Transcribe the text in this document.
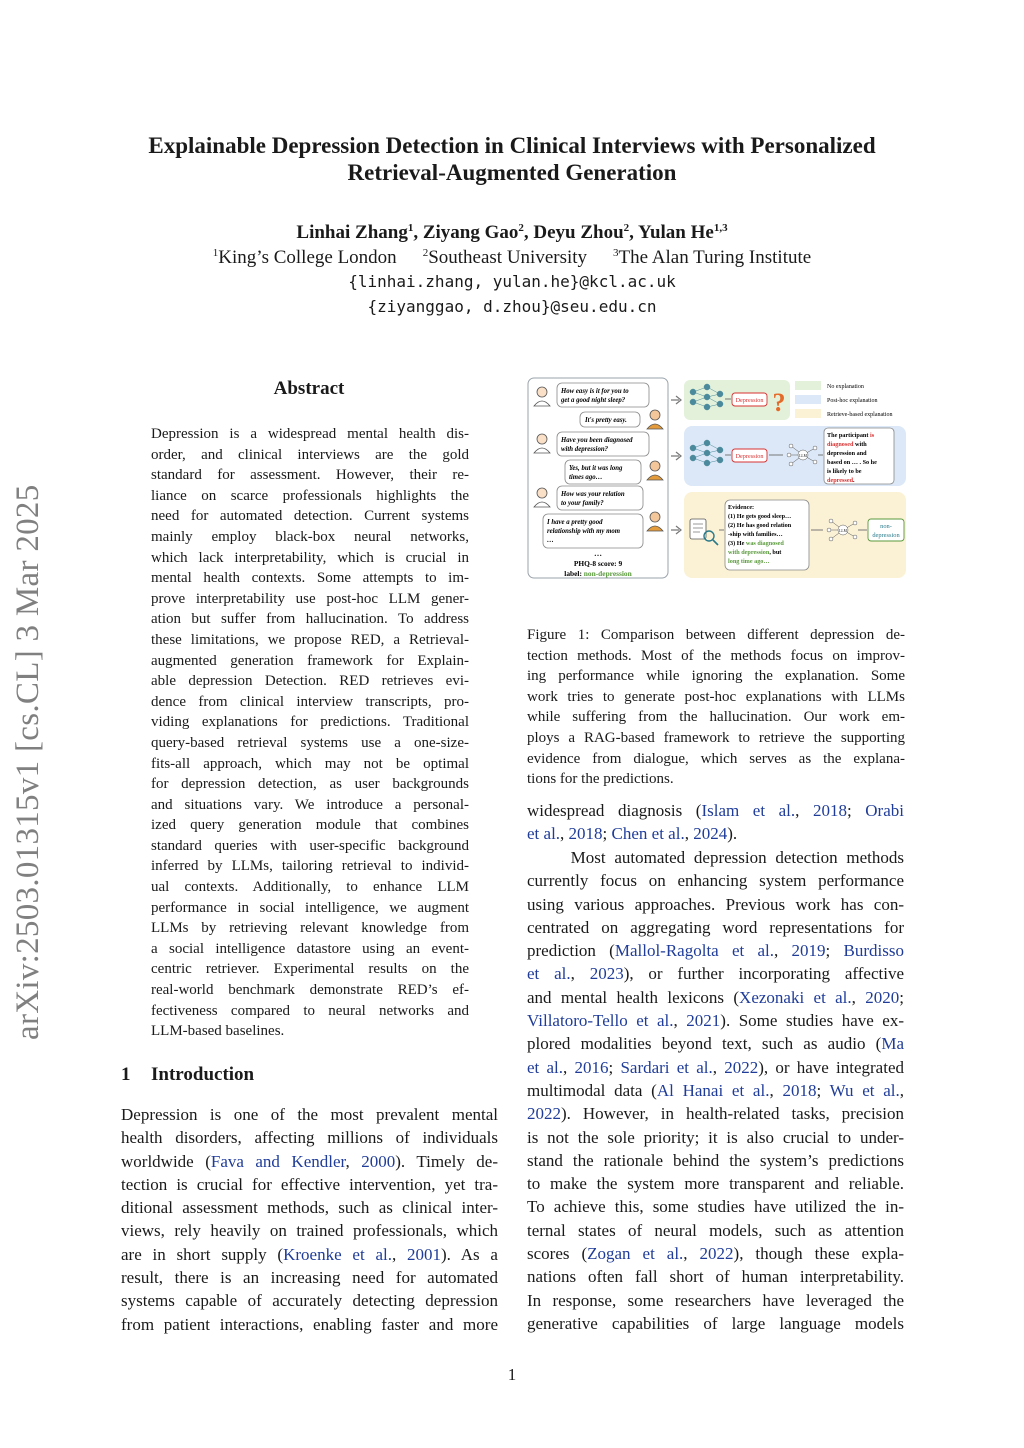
Explainable Depression Detection in Clinical Interviews with Personalized
Retrieval-Augmented Generation
Linhai Zhang$^1$, Ziyang Gao$^2$, Deyu Zhou$^2$, Yulan He$^{1,3}$
$^1$King’s College London $^2$Southeast University $^3$The Alan Turing Institute
{linhai.zhang, yulan.he}@kcl.ac.uk
{ziyanggao, d.zhou}@seu.edu.cn
arXiv:2503.01315v1 [cs.CL] 3 Mar 2025
Abstract
Depression is a widespread mental health dis-
order, and clinical interviews are the gold
standard for assessment. However, their re-
liance on scarce professionals highlights the
need for automated detection. Current systems
mainly employ black-box neural networks,
which lack interpretability, which is crucial in
mental health contexts. Some attempts to im-
prove interpretability use post-hoc LLM gener-
ation but suffer from hallucination. To address
these limitations, we propose RED, a Retrieval-
augmented generation framework for Explain-
able depression Detection. RED retrieves evi-
dence from clinical interview transcripts, pro-
viding explanations for predictions. Traditional
query-based retrieval systems use a one-size-
fits-all approach, which may not be optimal
for depression detection, as user backgrounds
and situations vary. We introduce a personal-
ized query generation module that combines
standard queries with user-specific background
inferred by LLMs, tailoring retrieval to individ-
ual contexts. Additionally, to enhance LLM
performance in social intelligence, we augment
LLMs by retrieving relevant knowledge from
a social intelligence datastore using an event-
centric retriever. Experimental results on the
real-world benchmark demonstrate RED’s ef-
fectiveness compared to neural networks and
LLM-based baselines.
1 Introduction
Depression is one of the most prevalent mental
health disorders, affecting millions of individuals
worldwide (Fava and Kendler, 2000). Timely de-
tection is crucial for effective intervention, yet tra-
ditional assessment methods, such as clinical inter-
views, rely heavily on trained professionals, which
are in short supply (Kroenke et al., 2001). As a
result, there is an increasing need for automated
systems capable of accurately detecting depression
from patient interactions, enabling faster and more
widespread diagnosis (Islam et al., 2018; Orabi
et al., 2018; Chen et al., 2024).
Most automated depression detection methods
currently focus on enhancing system performance
using various approaches. Previous work has con-
centrated on aggregating word representations for
prediction (Mallol-Ragolta et al., 2019; Burdisso
et al., 2023), or further incorporating affective
and mental health lexicons (Xezonaki et al., 2020;
Villatoro-Tello et al., 2021). Some studies have ex-
plored modalities beyond text, such as audio (Ma
et al., 2016; Sardari et al., 2022), or have integrated
multimodal data (Al Hanai et al., 2018; Wu et al.,
2022). However, in health-related tasks, precision
is not the sole priority; it is also crucial to under-
stand the rationale behind the system’s predictions
to make the system more transparent and reliable.
To achieve this, some studies have utilized the in-
ternal states of neural models, such as attention
scores (Zogan et al., 2022), though these expla-
nations often fall short of human interpretability.
In response, some researchers have leveraged the
generative capabilities of large language models
How easy is it for you to
get a good night sleep?
It's pretty easy.
Have you been diagnosed
with depression?
Yes, but it was long
times ago…
How was your relation
to your family?
I have a pretty good
relationship with my mom
…
…
PHQ-8 score: 9
label: non-depression
Depression ?
No explanation
Post-hoc explanation
Retrieve-based explanation
Depression	LLM
The participant is
diagnosed with
depression and
based on … . So he
is likely to be
depressed.
Evidence:
(1) He gets good sleep…
(2) He has good relation
-ship with families…
(3) He was diagnosed
with depression, but
long time ago…
LLM
non-
depression
Figure 1: Comparison between different depression de-
tection methods. Most of the methods focus on improv-
ing performance while ignoring the explanation. Some
work tries to generate post-hoc explanations with LLMs
while suffering from the hallucination. Our work em-
ploys a RAG-based framework to retrieve the supporting
evidence from dialogue, which serves as the explana-
tions for the predictions.
1
